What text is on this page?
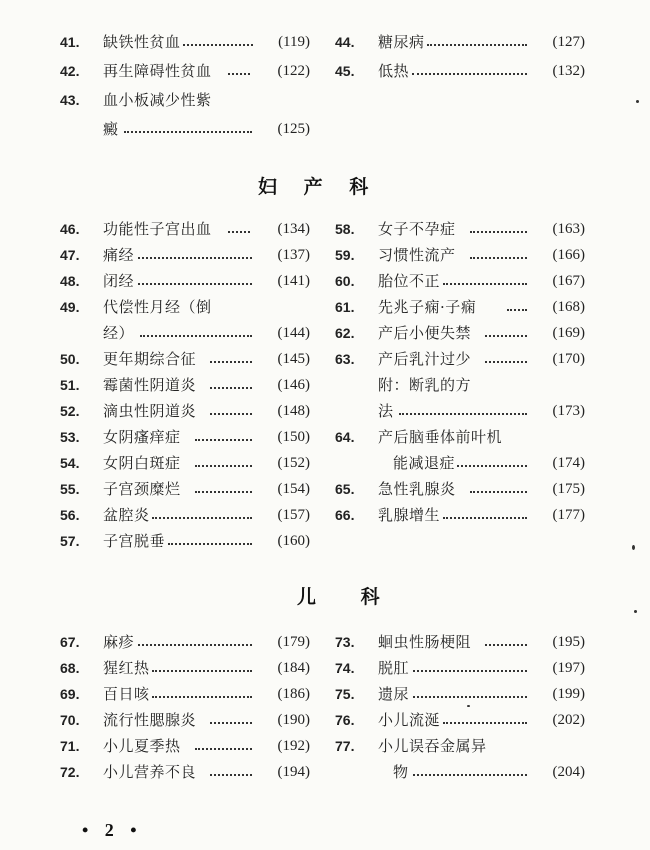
41.	缺铁性贫血	(119)
42.	再生障碍性贫血	(122)
43.	血小板减少性紫
癜	(125)
44.	糖尿病	(127)
45.	低热	(132)
妇 产 科
46.	功能性子宫出血	(134)
47.	痛经	(137)
48.	闭经	(141)
49.	代偿性月经（倒
经）	(144)
50.	更年期综合征	(145)
51.	霉菌性阴道炎	(146)
52.	滴虫性阴道炎	(148)
53.	女阴瘙痒症	(150)
54.	女阴白斑症	(152)
55.	子宫颈糜烂	(154)
56.	盆腔炎	(157)
57.	子宫脱垂	(160)
58.	女子不孕症	(163)
59.	习惯性流产	(166)
60.	胎位不正	(167)
61.	先兆子痫·子痫	(168)
62.	产后小便失禁	(169)
63.	产后乳汁过少	(170)
附：断乳的方
法	(173)
64.	产后脑垂体前叶机
能减退症	(174)
65.	急性乳腺炎	(175)
66.	乳腺增生	(177)
儿 科
67.	麻疹	(179)
68.	猩红热	(184)
69.	百日咳	(186)
70.	流行性腮腺炎	(190)
71.	小儿夏季热	(192)
72.	小儿营养不良	(194)
73.	蛔虫性肠梗阻	(195)
74.	脱肛	(197)
75.	遗尿	(199)
76.	小儿流涎	(202)
77.	小儿误吞金属异
物	(204)
• 2 •
